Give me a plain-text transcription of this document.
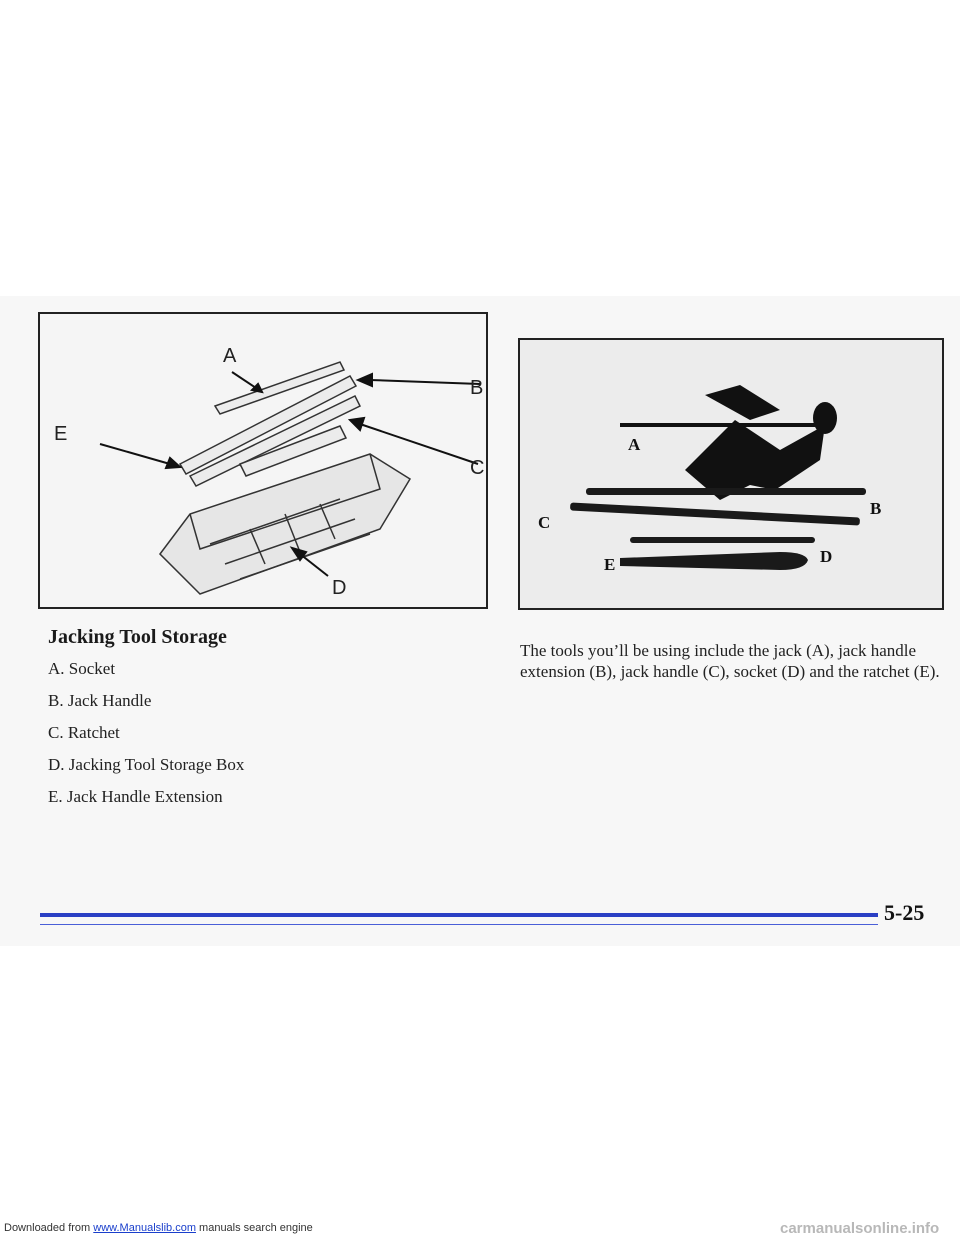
A
B
C
D
E	A
B
C
D
E
Jacking Tool Storage
A. Socket
B. Jack Handle
C. Ratchet
D. Jacking Tool Storage Box
E. Jack Handle Extension
The tools you’ll be using include the jack (A), jack handle extension (B), jack handle (C), socket (D) and the ratchet (E).
5-25
Downloaded from www.Manualslib.com manuals search engine	carmanualsonline.info
